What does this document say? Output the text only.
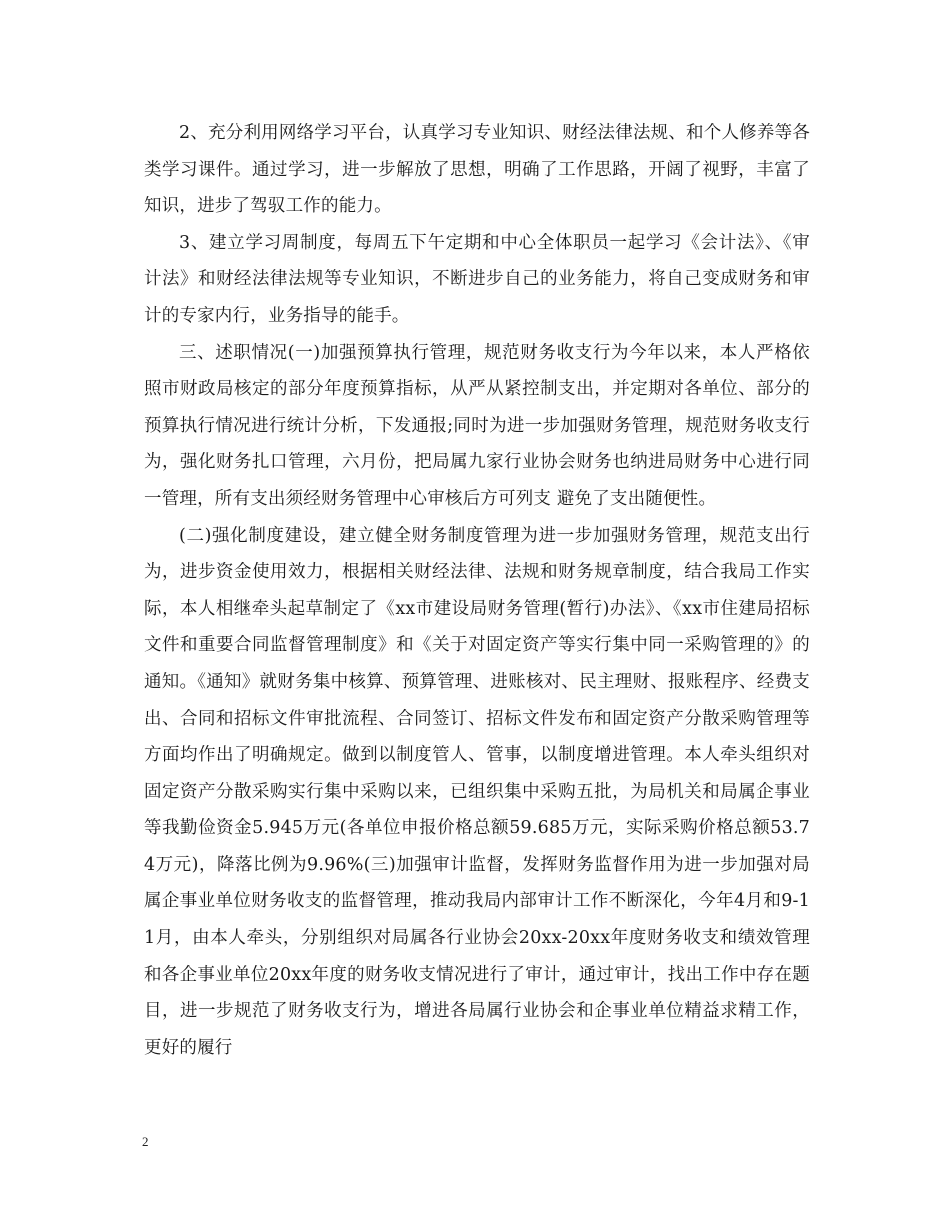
2、充分利用网络学习平台，认真学习专业知识、财经法律法规、和个人修养等各类学习课件。通过学习，进一步解放了思想，明确了工作思路，开阔了视野，丰富了知识，进步了驾驭工作的能力。

3、建立学习周制度，每周五下午定期和中心全体职员一起学习《会计法》、《审计法》和财经法律法规等专业知识，不断进步自己的业务能力，将自己变成财务和审计的专家内行，业务指导的能手。

三、述职情况(一)加强预算执行管理，规范财务收支行为今年以来，本人严格依照市财政局核定的部分年度预算指标，从严从紧控制支出，并定期对各单位、部分的预算执行情况进行统计分析，下发通报;同时为进一步加强财务管理，规范财务收支行为，强化财务扎口管理，六月份，把局属九家行业协会财务也纳进局财务中心进行同一管理，所有支出须经财务管理中心审核后方可列支 避免了支出随便性。

(二)强化制度建设，建立健全财务制度管理为进一步加强财务管理，规范支出行为，进步资金使用效力，根据相关财经法律、法规和财务规章制度，结合我局工作实际，本人相继牵头起草制定了《xx市建设局财务管理(暂行)办法》、《xx市住建局招标文件和重要合同监督管理制度》和《关于对固定资产等实行集中同一采购管理的》的通知。《通知》就财务集中核算、预算管理、进账核对、民主理财、报账程序、经费支出、合同和招标文件审批流程、合同签订、招标文件发布和固定资产分散采购管理等方面均作出了明确规定。做到以制度管人、管事，以制度增进管理。本人牵头组织对固定资产分散采购实行集中采购以来，已组织集中采购五批，为局机关和局属企事业等我勤俭资金5.945万元(各单位申报价格总额59.685万元，实际采购价格总额53.74万元)，降落比例为9.96%(三)加强审计监督，发挥财务监督作用为进一步加强对局属企事业单位财务收支的监督管理，推动我局内部审计工作不断深化，今年4月和9-11月，由本人牵头，分别组织对局属各行业协会20xx-20xx年度财务收支和绩效管理和各企事业单位20xx年度的财务收支情况进行了审计，通过审计，找出工作中存在题目，进一步规范了财务收支行为，增进各局属行业协会和企事业单位精益求精工作，更好的履行

2
